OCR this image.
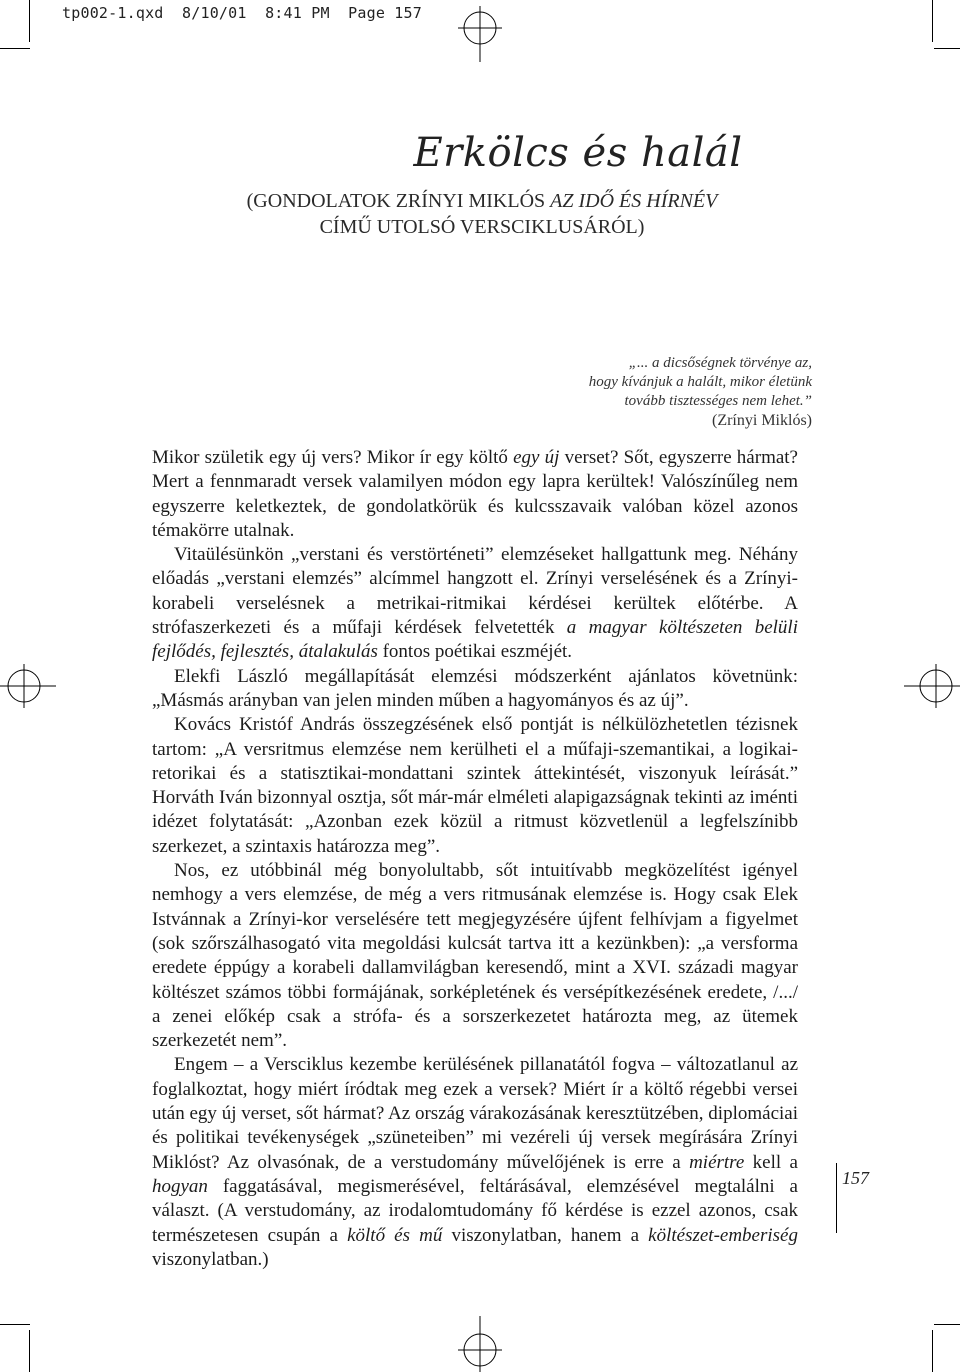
tp002-1.qxd  8/10/01  8:41 PM  Page 157
Erkölcs és halál
(GONDOLATOK ZRÍNYI MIKLÓS AZ IDŐ ÉS HÍRNÉV
CÍMŰ UTOLSÓ VERSCIKLUSÁRÓL)
„... a dicsőségnek törvénye az,
hogy kívánjuk a halált, mikor életünk
tovább tisztességes nem lehet.”
(Zrínyi Miklós)

Mikor születik egy új vers? Mikor ír egy költő egy új verset? Sőt, egyszerre hármat? Mert a fennmaradt versek valamilyen módon egy lapra kerültek! Valószínűleg nem egyszerre keletkeztek, de gondolatkörük és kulcsszavaik valóban közel azonos témakörre utalnak.

Vitaülésünkön „verstani és verstörténeti” elemzéseket hallgattunk meg. Néhány előadás „verstani elemzés” alcímmel hangzott el. Zrínyi verselésének és a Zrínyi-korabeli verselésnek a metrikai-ritmikai kérdései kerültek előtérbe. A strófaszerkezeti és a műfaji kérdések felvetették a magyar költészeten belüli fejlődés, fejlesztés, átalakulás fontos poétikai eszméjét.

Elekfi László megállapítását elemzési módszerként ajánlatos követnünk: „Másmás arányban van jelen minden műben a hagyományos és az új”.

Kovács Kristóf András összegzésének első pontját is nélkülözhetetlen tézisnek tartom: „A versritmus elemzése nem kerülheti el a műfaji-szemantikai, a logikai-retorikai és a statisztikai-mondattani szintek áttekintését, viszonyuk leírását.” Horváth Iván bizonnyal osztja, sőt már-már elméleti alapigazságnak tekinti az iménti idézet folytatását: „Azonban ezek közül a ritmust közvetlenül a legfelszínibb szerkezet, a szintaxis határozza meg”.

Nos, ez utóbbinál még bonyolultabb, sőt intuitívabb megközelítést igényel nemhogy a vers elemzése, de még a vers ritmusának elemzése is. Hogy csak Elek Istvánnak a Zrínyi-kor verselésére tett megjegyzésére újfent felhívjam a figyelmet (sok szőrszálhasogató vita megoldási kulcsát tartva itt a kezünkben): „a versforma eredete éppúgy a korabeli dallamvilágban keresendő, mint a XVI. századi magyar költészet számos többi formájának, sorképletének és versépítkezésének eredete, /.../ a zenei előkép csak a strófa- és a sorszerkezetet határozta meg, az ütemek szerkezetét nem”.

Engem – a Versciklus kezembe kerülésének pillanatától fogva – változatlanul az foglalkoztat, hogy miért íródtak meg ezek a versek? Miért ír a költő régebbi versei után egy új verset, sőt hármat? Az ország várakozásának keresztützében, diplomáciai és politikai tevékenységek „szüneteiben” mi vezéreli új versek megírására Zrínyi Miklóst? Az olvasónak, de a verstudomány művelőjének is erre a miértre kell a hogyan faggatásával, megismerésével, feltárásával, elemzésével megtalálni a választ. (A verstudomány, az irodalomtudomány fő kérdése is ezzel azonos, csak természetesen csupán a költő és mű viszonylatban, hanem a költészet-emberiség viszonylatban.)

157
